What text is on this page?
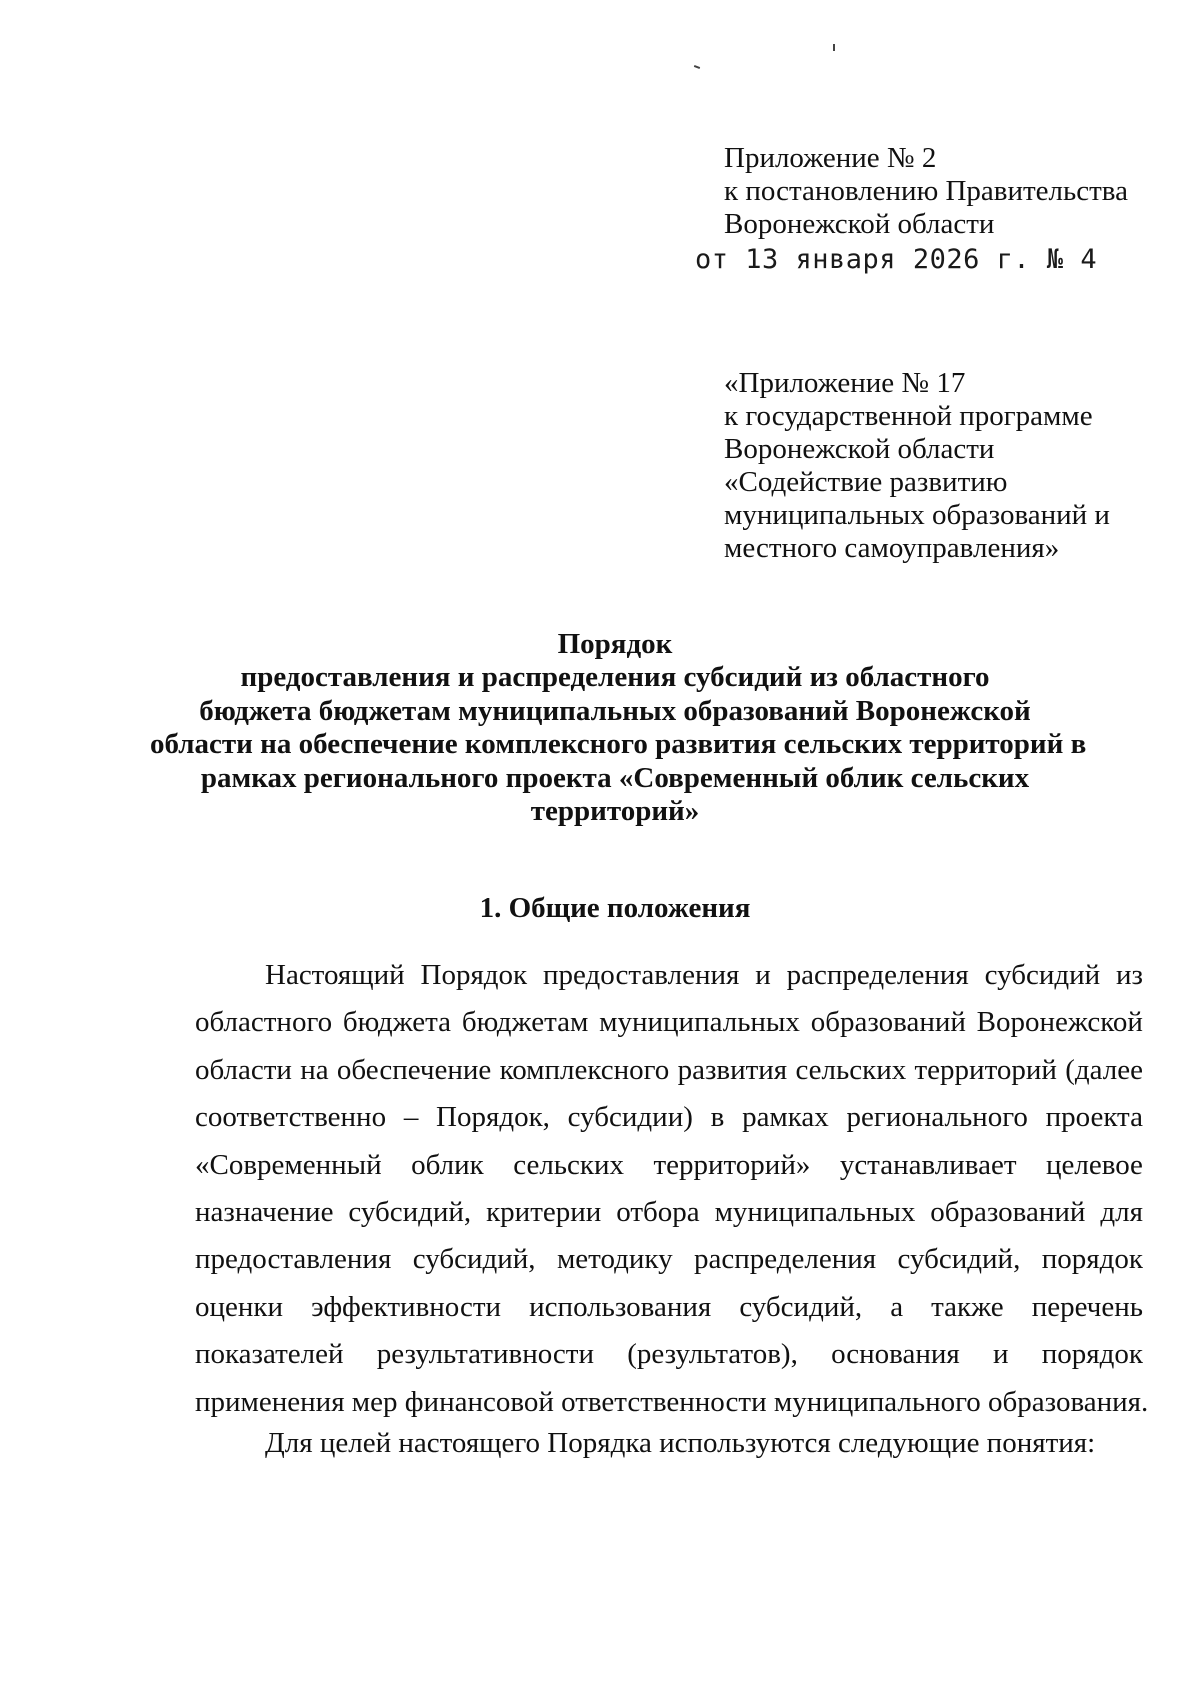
Приложение № 2
к постановлению Правительства
Воронежской области
от 13 января 2026 г. № 4
«Приложение № 17
к государственной программе
Воронежской области
«Содействие развитию
муниципальных образований и
местного самоуправления»
Порядок
предоставления и распределения субсидий из областного
бюджета бюджетам муниципальных образований Воронежской
области на обеспечение комплексного развития сельских территорий в
рамках регионального проекта «Современный облик сельских
территорий»
1. Общие положения
Настоящий Порядок предоставления и распределения субсидий из
областного бюджета бюджетам муниципальных образований Воронежской
области на обеспечение комплексного развития сельских территорий (далее
соответственно – Порядок, субсидии) в рамках регионального проекта
«Современный облик сельских территорий» устанавливает целевое
назначение субсидий, критерии отбора муниципальных образований для
предоставления субсидий, методику распределения субсидий, порядок
оценки эффективности использования субсидий, а также перечень
показателей результативности (результатов), основания и порядок
применения мер финансовой ответственности муниципального образования.
Для целей настоящего Порядка используются следующие понятия:
